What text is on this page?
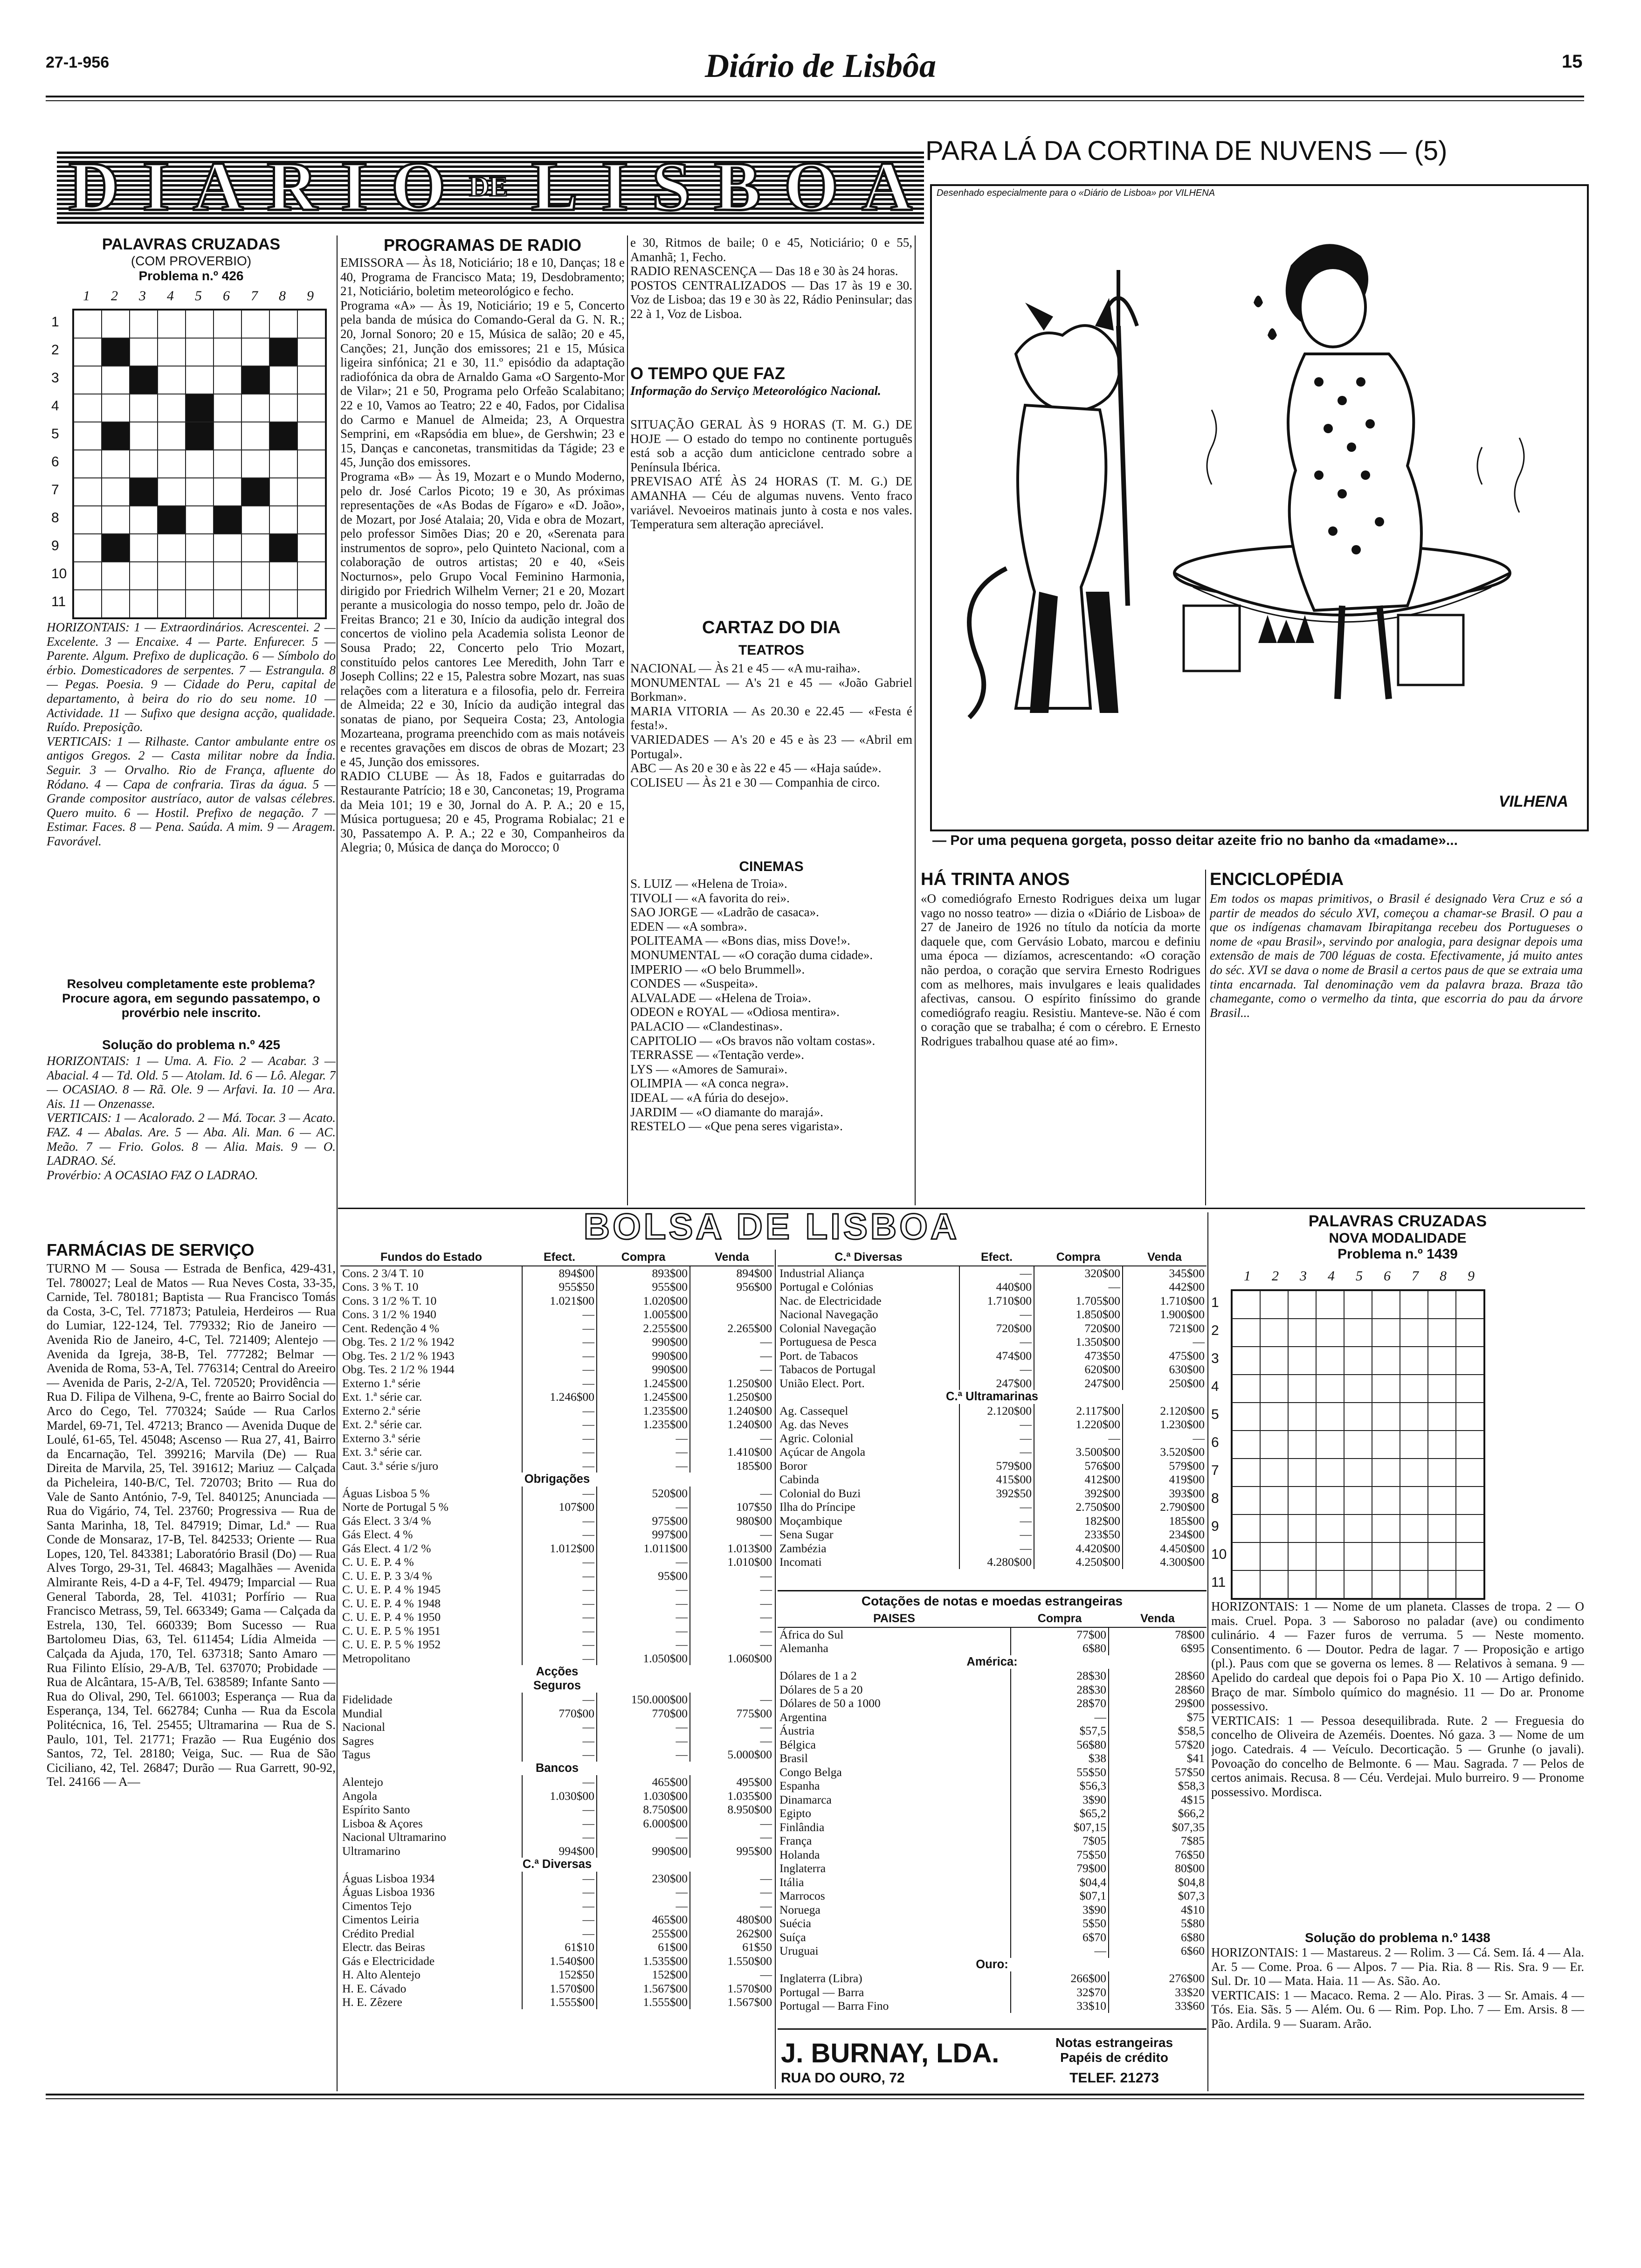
27-1-956	Diário de Lisbôa	15
D I A R I O DE L I S B O A
PALAVRAS CRUZADAS
(COM PROVERBIO)
Problema n.º 426
1 2 3 4 5 6 7 8 9
1
2
3
4
5
6
7
8
9
10
11
HORIZONTAIS: 1 — Extraordinários. Acrescentei. 2 — Excelente. 3 — Encaixe. 4 — Parte. Enfurecer. 5 — Parente. Algum. Prefixo de duplicação. 6 — Símbolo do érbio. Domesticadores de serpentes. 7 — Estrangula. 8 — Pegas. Poesia. 9 — Cidade do Peru, capital de departamento, à beira do rio do seu nome. 10 — Actividade. 11 — Sufixo que designa acção, qualidade. Ruído. Preposição.
VERTICAIS: 1 — Rilhaste. Cantor ambulante entre os antigos Gregos. 2 — Casta militar nobre da Índia. Seguir. 3 — Orvalho. Rio de França, afluente do Ródano. 4 — Capa de confraria. Tiras da água. 5 — Grande compositor austríaco, autor de valsas célebres. Quero muito. 6 — Hostil. Prefixo de negação. 7 — Estimar. Faces. 8 — Pena. Saúda. A mim. 9 — Aragem. Favorável.
Resolveu completamente este problema? Procure agora, em segundo passatempo, o provérbio nele inscrito.
Solução do problema n.º 425
HORIZONTAIS: 1 — Uma. A. Fio. 2 — Acabar. 3 — Abacial. 4 — Td. Old. 5 — Atolam. Id. 6 — Lô. Alegar. 7 — OCASIAO. 8 — Rã. Ole. 9 — Arfavi. Ia. 10 — Ara. Ais. 11 — Onzenasse.
VERTICAIS: 1 — Acalorado. 2 — Má. Tocar. 3 — Acato. FAZ. 4 — Abalas. Are. 5 — Aba. Ali. Man. 6 — AC. Meão. 7 — Frio. Golos. 8 — Alia. Mais. 9 — O. LADRAO. Sé.
Provérbio: A OCASIAO FAZ O LADRAO.
FARMÁCIAS DE SERVIÇO
TURNO M — Sousa — Estrada de Benfica, 429-431, Tel. 780027; Leal de Matos — Rua Neves Costa, 33-35, Carnide, Tel. 780181; Baptista — Rua Francisco Tomás da Costa, 3-C, Tel. 771873; Patuleia, Herdeiros — Rua do Lumiar, 122-124, Tel. 779332; Rio de Janeiro — Avenida Rio de Janeiro, 4-C, Tel. 721409; Alentejo — Avenida da Igreja, 38-B, Tel. 777282; Belmar — Avenida de Roma, 53-A, Tel. 776314; Central do Areeiro — Avenida de Paris, 2-2/A, Tel. 720520; Providência — Rua D. Filipa de Vilhena, 9-C, frente ao Bairro Social do Arco do Cego, Tel. 770324; Saúde — Rua Carlos Mardel, 69-71, Tel. 47213; Branco — Avenida Duque de Loulé, 61-65, Tel. 45048; Ascenso — Rua 27, 41, Bairro da Encarnação, Tel. 399216; Marvila (De) — Rua Direita de Marvila, 25, Tel. 391612; Mariuz — Calçada da Picheleira, 140-B/C, Tel. 720703; Brito — Rua do Vale de Santo António, 7-9, Tel. 840125; Anunciada — Rua do Vigário, 74, Tel. 23760; Progressiva — Rua de Santa Marinha, 18, Tel. 847919; Dimar, Ld.ª — Rua Conde de Monsaraz, 17-B, Tel. 842533; Oriente — Rua Lopes, 120, Tel. 843381; Laboratório Brasil (Do) — Rua Alves Torgo, 29-31, Tel. 46843; Magalhães — Avenida Almirante Reis, 4-D a 4-F, Tel. 49479; Imparcial — Rua General Taborda, 28, Tel. 41031; Porfírio — Rua Francisco Metrass, 59, Tel. 663349; Gama — Calçada da Estrela, 130, Tel. 660339; Bom Sucesso — Rua Bartolomeu Dias, 63, Tel. 611454; Lídia Almeida — Calçada da Ajuda, 170, Tel. 637318; Santo Amaro — Rua Filinto Elísio, 29-A/B, Tel. 637070; Probidade — Rua de Alcântara, 15-A/B, Tel. 638589; Infante Santo — Rua do Olival, 290, Tel. 661003; Esperança — Rua da Esperança, 134, Tel. 662784; Cunha — Rua da Escola Politécnica, 16, Tel. 25455; Ultramarina — Rua de S. Paulo, 101, Tel. 21771; Frazão — Rua Eugénio dos Santos, 72, Tel. 28180; Veiga, Suc. — Rua de São Ciciliano, 42, Tel. 26847; Durão — Rua Garrett, 90-92, Tel. 24166 — A—
PROGRAMAS DE RADIO
EMISSORA — Às 18, Noticiário; 18 e 10, Danças; 18 e 40, Programa de Francisco Mata; 19, Desdobramento; 21, Noticiário, boletim meteorológico e fecho.
Programa «A» — Às 19, Noticiário; 19 e 5, Concerto pela banda de música do Comando-Geral da G. N. R.; 20, Jornal Sonoro; 20 e 15, Música de salão; 20 e 45, Canções; 21, Junção dos emissores; 21 e 15, Música ligeira sinfónica; 21 e 30, 11.º episódio da adaptação radiofónica da obra de Arnaldo Gama «O Sargento-Mor de Vilar»; 21 e 50, Programa pelo Orfeão Scalabitano; 22 e 10, Vamos ao Teatro; 22 e 40, Fados, por Cidalisa do Carmo e Manuel de Almeida; 23, A Orquestra Semprini, em «Rapsódia em blue», de Gershwin; 23 e 15, Danças e canconetas, transmitidas da Tágide; 23 e 45, Junção dos emissores.
Programa «B» — Às 19, Mozart e o Mundo Moderno, pelo dr. José Carlos Picoto; 19 e 30, As próximas representações de «As Bodas de Fígaro» e «D. João», de Mozart, por José Atalaia; 20, Vida e obra de Mozart, pelo professor Simões Dias; 20 e 20, «Serenata para instrumentos de sopro», pelo Quinteto Nacional, com a colaboração de outros artistas; 20 e 40, «Seis Nocturnos», pelo Grupo Vocal Feminino Harmonia, dirigido por Friedrich Wilhelm Verner; 21 e 20, Mozart perante a musicologia do nosso tempo, pelo dr. João de Freitas Branco; 21 e 30, Início da audição integral dos concertos de violino pela Academia solista Leonor de Sousa Prado; 22, Concerto pelo Trio Mozart, constituído pelos cantores Lee Meredith, John Tarr e Joseph Collins; 22 e 15, Palestra sobre Mozart, nas suas relações com a literatura e a filosofia, pelo dr. Ferreira de Almeida; 22 e 30, Início da audição integral das sonatas de piano, por Sequeira Costa; 23, Antologia Mozarteana, programa preenchido com as mais notáveis e recentes gravações em discos de obras de Mozart; 23 e 45, Junção dos emissores.
RADIO CLUBE — Às 18, Fados e guitarradas do Restaurante Patrício; 18 e 30, Canconetas; 19, Programa da Meia 101; 19 e 30, Jornal do A. P. A.; 20 e 15, Música portuguesa; 20 e 45, Programa Robialac; 21 e 30, Passatempo A. P. A.; 22 e 30, Companheiros da Alegria; 0, Música de dança do Morocco; 0
e 30, Ritmos de baile; 0 e 45, Noticiário; 0 e 55, Amanhã; 1, Fecho.
RADIO RENASCENÇA — Das 18 e 30 às 24 horas.
POSTOS CENTRALIZADOS — Das 17 às 19 e 30. Voz de Lisboa; das 19 e 30 às 22, Rádio Peninsular; das 22 à 1, Voz de Lisboa.
O TEMPO QUE FAZ
Informação do Serviço Meteorológico Nacional.
SITUAÇÃO GERAL ÀS 9 HORAS (T. M. G.) DE HOJE — O estado do tempo no continente português está sob a acção dum anticiclone centrado sobre a Península Ibérica.
PREVISAO ATÉ ÀS 24 HORAS (T. M. G.) DE AMANHA — Céu de algumas nuvens. Vento fraco variável. Nevoeiros matinais junto à costa e nos vales. Temperatura sem alteração apreciável.
CARTAZ DO DIA
TEATROS
NACIONAL — Às 21 e 45 — «A mu-raiha».
MONUMENTAL — A's 21 e 45 — «João Gabriel Borkman».
MARIA VITORIA — As 20.30 e 22.45 — «Festa é festa!».
VARIEDADES — A's 20 e 45 e às 23 — «Abril em Portugal».
ABC — As 20 e 30 e às 22 e 45 — «Haja saúde».
COLISEU — Às 21 e 30 — Companhia de circo.
CINEMAS
S. LUIZ — «Helena de Troia».
TIVOLI — «A favorita do rei».
SAO JORGE — «Ladrão de casaca».
EDEN — «A sombra».
POLITEAMA — «Bons dias, miss Dove!».
MONUMENTAL — «O coração duma cidade».
IMPERIO — «O belo Brummell».
CONDES — «Suspeita».
ALVALADE — «Helena de Troia».
ODEON e ROYAL — «Odiosa mentira».
PALACIO — «Clandestinas».
CAPITOLIO — «Os bravos não voltam costas».
TERRASSE — «Tentação verde».
LYS — «Amores de Samurai».
OLIMPIA — «A conca negra».
IDEAL — «A fúria do desejo».
JARDIM — «O diamante do marajá».
RESTELO — «Que pena seres vigarista».
PARA LÁ DA CORTINA DE NUVENS — (5)
Desenhado especialmente para o «Diário de Lisboa» por VILHENA
VILHENA
— Por uma pequena gorgeta, posso deitar azeite frio no banho da «madame»...
HÁ TRINTA ANOS
«O comediógrafo Ernesto Rodrigues deixa um lugar vago no nosso teatro» — dizia o «Diário de Lisboa» de 27 de Janeiro de 1926 no título da notícia da morte daquele que, com Gervásio Lobato, marcou e definiu uma época — dizíamos, acrescentando: «O coração não perdoa, o coração que servira Ernesto Rodrigues com as melhores, mais invulgares e leais qualidades afectivas, cansou. O espírito finíssimo do grande comediógrafo reagiu. Resistiu. Manteve-se. Não é com o coração que se trabalha; é com o cérebro. E Ernesto Rodrigues trabalhou quase até ao fim».
ENCICLOPÉDIA
Em todos os mapas primitivos, o Brasil é designado Vera Cruz e só a partir de meados do século XVI, começou a chamar-se Brasil. O pau a que os indígenas chamavam Ibirapitanga recebeu dos Portugueses o nome de «pau Brasil», servindo por analogia, para designar depois uma extensão de mais de 700 léguas de costa. Efectivamente, já muito antes do séc. XVI se dava o nome de Brasil a certos paus de que se extraia uma tinta encarnada. Tal denominação vem da palavra braza. Braza tão chamegante, como o vermelho da tinta, que escorria do pau da árvore Brasil...
BOLSA DE LISBOA
Fundos do Estado	Efect.	Compra	Venda
Cons. 2 3/4 T. 10	894$00	893$00	894$00
Cons. 3 % T. 10	955$50	955$00	956$00
Cons. 3 1/2 % T. 10	1.021$00	1.020$00	
Cons. 3 1/2 % 1940	—	1.005$00	
Cent. Redenção 4 %	—	2.255$00	2.265$00
Obg. Tes. 2 1/2 % 1942	—	990$00	—
Obg. Tes. 2 1/2 % 1943	—	990$00	—
Obg. Tes. 2 1/2 % 1944	—	990$00	—
Externo 1.ª série	—	1.245$00	1.250$00
Ext. 1.ª série car.	1.246$00	1.245$00	1.250$00
Externo 2.ª série	—	1.235$00	1.240$00
Ext. 2.ª série car.	—	1.235$00	1.240$00
Externo 3.ª série	—	—	—
Ext. 3.ª série car.	—	—	1.410$00
Caut. 3.ª série s/juro	—	—	185$00
Obrigações			
Águas Lisboa 5 %	—	520$00	—
Norte de Portugal 5 %	107$00	—	107$50
Gás Elect. 3 3/4 %	—	975$00	980$00
Gás Elect. 4 %	—	997$00	—
Gás Elect. 4 1/2 %	1.012$00	1.011$00	1.013$00
C. U. E. P. 4 %	—	—	1.010$00
C. U. E. P. 3 3/4 %	—	95$00	—
C. U. E. P. 4 % 1945	—	—	—
C. U. E. P. 4 % 1948	—	—	—
C. U. E. P. 4 % 1950	—	—	—
C. U. E. P. 5 % 1951	—	—	—
C. U. E. P. 5 % 1952	—	—	—
Metropolitano	—	1.050$00	1.060$00
Acções			
Seguros			
Fidelidade	—	150.000$00	—
Mundial	770$00	770$00	775$00
Nacional	—	—	—
Sagres	—	—	—
Tagus	—	—	5.000$00
Bancos			
Alentejo	—	465$00	495$00
Angola	1.030$00	1.030$00	1.035$00
Espírito Santo	—	8.750$00	8.950$00
Lisboa & Açores	—	6.000$00	—
Nacional Ultramarino	—	—	—
Ultramarino	994$00	990$00	995$00
C.ª Diversas			
Águas Lisboa 1934	—	230$00	—
Águas Lisboa 1936	—	—	—
Cimentos Tejo	—	—	—
Cimentos Leiria	—	465$00	480$00
Crédito Predial	—	255$00	262$00
Electr. das Beiras	61$10	61$00	61$50
Gás e Electricidade	1.540$00	1.535$00	1.550$00
H. Alto Alentejo	152$50	152$00	—
H. E. Cávado	1.570$00	1.567$00	1.570$00
H. E. Zêzere	1.555$00	1.555$00	1.567$00
C.ª Diversas	Efect.	Compra	Venda
Industrial Aliança	—	320$00	345$00
Portugal e Colónias	440$00	—	442$00
Nac. de Electricidade	1.710$00	1.705$00	1.710$00
Nacional Navegação	—	1.850$00	1.900$00
Colonial Navegação	720$00	720$00	721$00
Portuguesa de Pesca	—	1.350$00	—
Port. de Tabacos	474$00	473$50	475$00
Tabacos de Portugal	—	620$00	630$00
União Elect. Port.	247$00	247$00	250$00
C.ª Ultramarinas			
Ag. Cassequel	2.120$00	2.117$00	2.120$00
Ag. das Neves	—	1.220$00	1.230$00
Agric. Colonial	—	—	—
Açúcar de Angola	—	3.500$00	3.520$00
Boror	579$00	576$00	579$00
Cabinda	415$00	412$00	419$00
Colonial do Buzi	392$50	392$00	393$00
Ilha do Príncipe	—	2.750$00	2.790$00
Moçambique	—	182$00	185$00
Sena Sugar	—	233$50	234$00
Zambézia	—	4.420$00	4.450$00
Incomati	4.280$00	4.250$00	4.300$00
Cotações de notas e moedas estrangeiras
PAISES	Compra	Venda
África do Sul	77$00	78$00
Alemanha	6$80	6$95
América:		
Dólares de 1 a 2	28$30	28$60
Dólares de 5 a 20	28$30	28$60
Dólares de 50 a 1000	28$70	29$00
Argentina	—	$75
Áustria	$57,5	$58,5
Bélgica	56$80	57$20
Brasil	$38	$41
Congo Belga	55$50	57$50
Espanha	$56,3	$58,3
Dinamarca	3$90	4$15
Egipto	$65,2	$66,2
Finlândia	$07,15	$07,35
França	7$05	7$85
Holanda	75$50	76$50
Inglaterra	79$00	80$00
Itália	$04,4	$04,8
Marrocos	$07,1	$07,3
Noruega	3$90	4$10
Suécia	5$50	5$80
Suíça	6$70	6$80
Uruguai	—	6$60
Ouro:		
Inglaterra (Libra)	266$00	276$00
Portugal — Barra	32$70	33$20
Portugal — Barra Fino	33$10	33$60
J. BURNAY, LDA.
RUA DO OURO, 72
Notas estrangeiras
Papéis de crédito
TELEF. 21273
PALAVRAS CRUZADAS
NOVA MODALIDADE
Problema n.º 1439
1 2 3 4 5 6 7 8 9
1
2
3
4
5
6
7
8
9
10
11
HORIZONTAIS: 1 — Nome de um planeta. Classes de tropa. 2 — O mais. Cruel. Popa. 3 — Saboroso no paladar (ave) ou condimento culinário. 4 — Fazer furos de verruma. 5 — Neste momento. Consentimento. 6 — Doutor. Pedra de lagar. 7 — Proposição e artigo (pl.). Paus com que se governa os lemes. 8 — Relativos à semana. 9 — Apelido do cardeal que depois foi o Papa Pio X. 10 — Artigo definido. Braço de mar. Símbolo químico do magnésio. 11 — Do ar. Pronome possessivo.
VERTICAIS: 1 — Pessoa desequilibrada. Rute. 2 — Freguesia do concelho de Oliveira de Azeméis. Doentes. Nó gaza. 3 — Nome de um jogo. Catedrais. 4 — Veículo. Decorticação. 5 — Grunhe (o javali). Povoação do concelho de Belmonte. 6 — Mau. Sagrada. 7 — Pelos de certos animais. Recusa. 8 — Céu. Verdejai. Mulo burreiro. 9 — Pronome possessivo. Mordisca.
Solução do problema n.º 1438
HORIZONTAIS: 1 — Mastareus. 2 — Rolim. 3 — Cá. Sem. Iá. 4 — Ala. Ar. 5 — Come. Proa. 6 — Alpos. 7 — Pia. Ria. 8 — Ris. Sra. 9 — Er. Sul. Dr. 10 — Mata. Haia. 11 — As. São. Ao.
VERTICAIS: 1 — Macaco. Rema. 2 — Alo. Piras. 3 — Sr. Amais. 4 — Tós. Eia. Sãs. 5 — Além. Ou. 6 — Rim. Pop. Lho. 7 — Em. Arsis. 8 — Pão. Ardila. 9 — Suaram. Arão.
